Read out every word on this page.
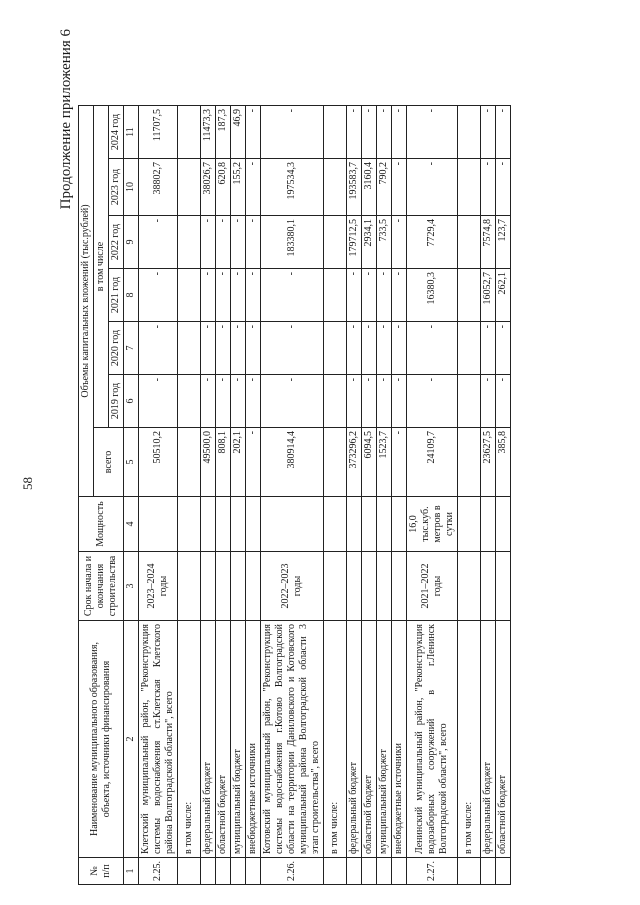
58
Продолжение приложения 6
№ п/п	Наименование муниципального образования, объекта, источники финансирования	Срок начала и окончания строительства	Мощность	Объемы капитальных вложений (тыс.рублей)						
				всего	в том числе					
					2019 год	2020 год	2021 год	2022 год	2023 год	2024 год
1	2	3	4	5	6	7	8	9	10	11
2.25.	Клетский муниципальный район, "Реконструкция системы водоснабжения ст.Клетская Клетского района Волгоградской области", всего	2023–2024 годы		50510,2	-	-	-	-	38802,7	11707,5
	в том числе:									
	федеральный бюджет			49500,0	-	-	-	-	38026,7	11473,3
	областной бюджет			808,1	-	-	-	-	620,8	187,3
	муниципальный бюджет			202,1	-	-	-	-	155,2	46,9
	внебюджетные источники			-	-	-	-	-	-	-
2.26.	Котовский муниципальный район, "Реконструкция системы водоснабжения г.Котово Волгоградской области на территории Даниловского и Котовского муниципальный района Волгоградской области 3 этап строительства", всего	2022–2023 годы		380914,4	-	-	-	183380,1	197534,3	-
	в том числе:									
	федеральный бюджет			373296,2	-	-	-	179712,5	193583,7	-
	областной бюджет			6094,5	-	-	-	2934,1	3160,4	-
	муниципальный бюджет			1523,7	-	-	-	733,5	790,2	-
	внебюджетные источники			-	-	-	-	-	-	-
2.27.	Ленинский муниципальный район, "Реконструкция водозаборных сооружений в г.Ленинск Волгоградской области", всего	2021–2022 годы	16,0 тыс.куб. метров в сутки	24109,7	-	-	16380,3	7729,4	-	-
	в том числе:									
	федеральный бюджет			23627,5	-	-	16052,7	7574,8	-	-
	областной бюджет			385,8	-	-	262,1	123,7	-	-
